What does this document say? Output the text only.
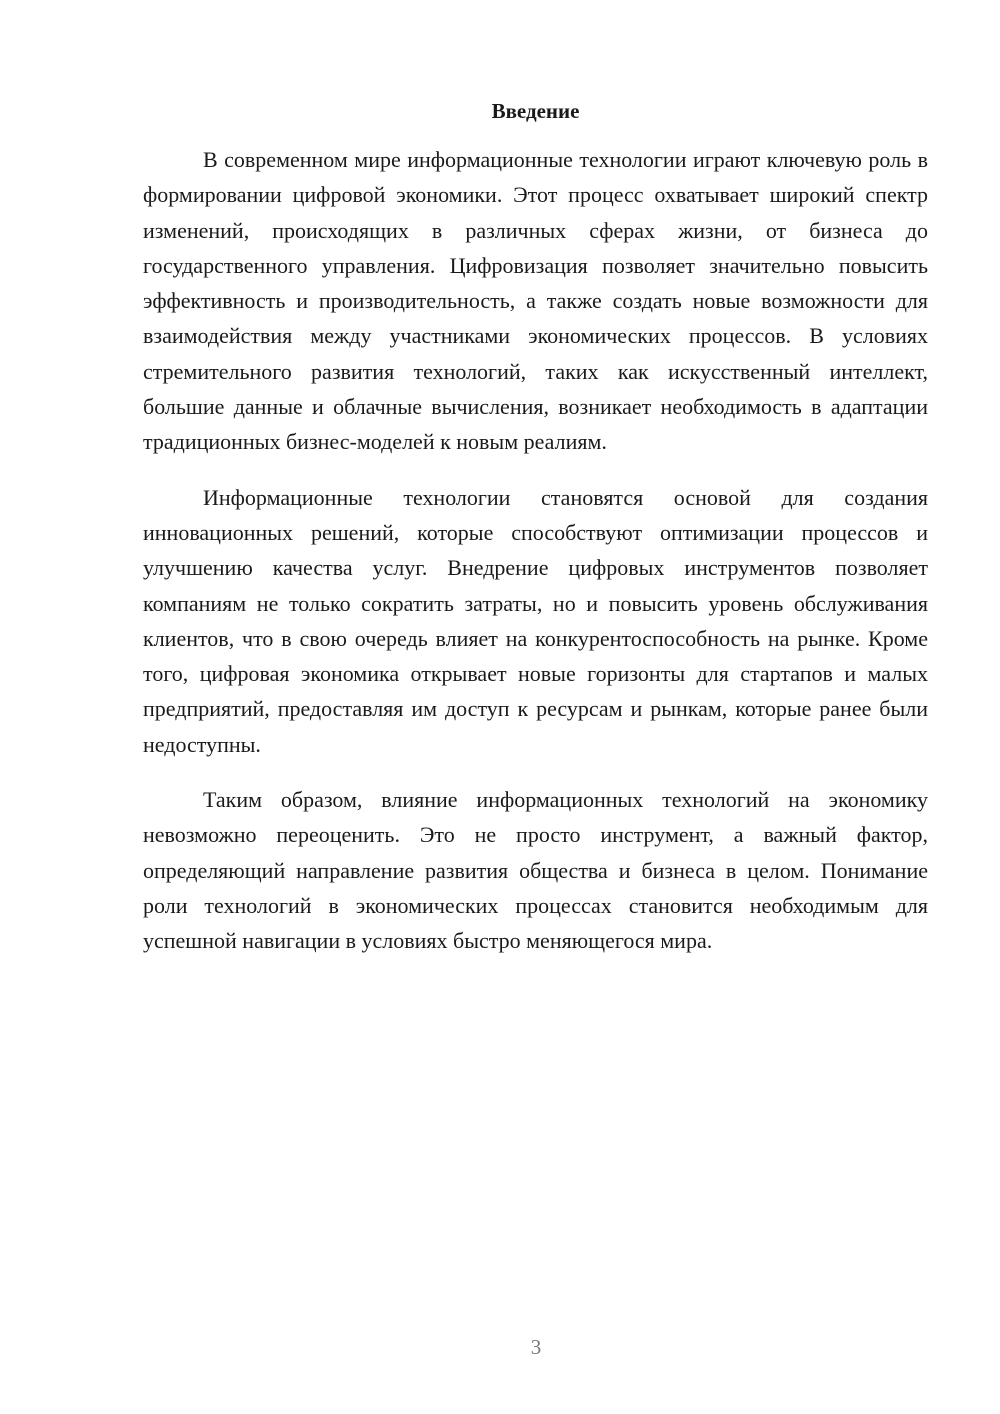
Введение

В современном мире информационные технологии играют ключевую роль в формировании цифровой экономики. Этот процесс охватывает широкий спектр изменений, происходящих в различных сферах жизни, от бизнеса до государственного управления. Цифровизация позволяет значительно повысить эффективность и производительность, а также создать новые возможности для взаимодействия между участниками экономических процессов. В условиях стремительного развития технологий, таких как искусственный интеллект, большие данные и облачные вычисления, возникает необходимость в адаптации традиционных бизнес-моделей к новым реалиям.

Информационные технологии становятся основой для создания инновационных решений, которые способствуют оптимизации процессов и улучшению качества услуг. Внедрение цифровых инструментов позволяет компаниям не только сократить затраты, но и повысить уровень обслуживания клиентов, что в свою очередь влияет на конкурентоспособность на рынке. Кроме того, цифровая экономика открывает новые горизонты для стартапов и малых предприятий, предоставляя им доступ к ресурсам и рынкам, которые ранее были недоступны.

Таким образом, влияние информационных технологий на экономику невозможно переоценить. Это не просто инструмент, а важный фактор, определяющий направление развития общества и бизнеса в целом. Понимание роли технологий в экономических процессах становится необходимым для успешной навигации в условиях быстро меняющегося мира.

3
